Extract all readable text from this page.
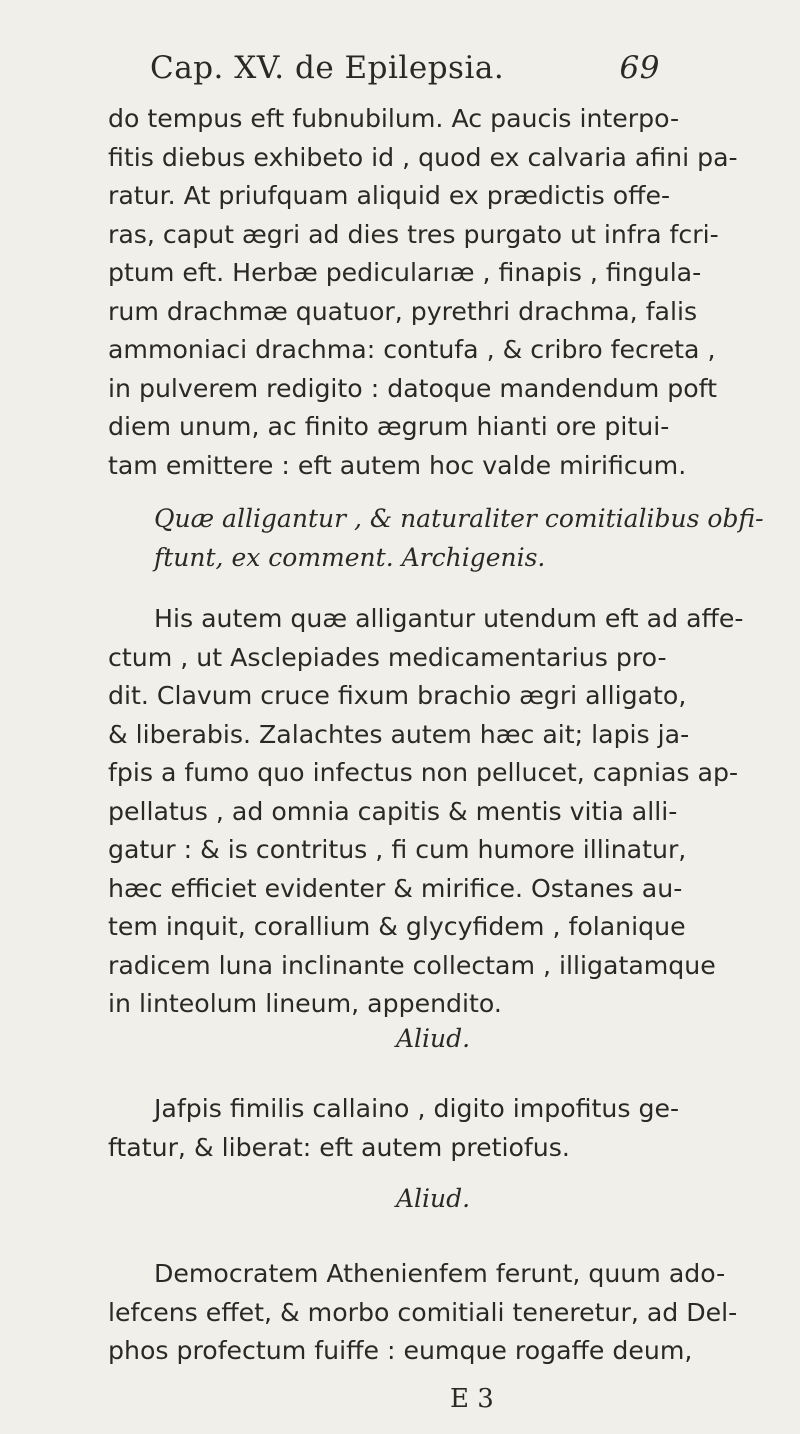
Cap. XV. de Epilepsia.	69
do tempus eft fubnubilum. Ac paucis interpo-
fitis diebus exhibeto id , quod ex calvaria afini pa-
ratur. At priufquam aliquid ex prædictis offe-
ras, caput ægri ad dies tres purgato ut infra fcri-
ptum eft. Herbæ pedicularıæ , finapis , fingula-
rum drachmæ quatuor, pyrethri drachma, falis
ammoniaci drachma: contufa , & cribro fecreta ,
in pulverem redigito : datoque mandendum poft
diem unum, ac finito ægrum hianti ore pitui-
tam emittere : eft autem hoc valde mirificum.
Quæ alligantur , & naturaliter comitialibus obfi-
ftunt, ex comment. Archigenis.
His autem quæ alligantur utendum eft ad affe-
ctum , ut Asclepiades medicamentarius pro-
dit. Clavum cruce fixum brachio ægri alligato,
& liberabis. Zalachtes autem hæc ait; lapis ja-
fpis a fumo quo infectus non pellucet, capnias ap-
pellatus , ad omnia capitis & mentis vitia alli-
gatur : & is contritus , fi cum humore illinatur,
hæc efficiet evidenter & mirifice. Ostanes au-
tem inquit, corallium & glycyfidem , folanique
radicem luna inclinante collectam , illigatamque
in linteolum lineum, appendito.
Aliud.
Jafpis fimilis callaino , digito impofitus ge-
ftatur, & liberat: eft autem pretiofus.
Aliud.
Democratem Athenienfem ferunt, quum ado-
lefcens effet, & morbo comitiali teneretur, ad Del-
phos profectum fuiffe : eumque rogaffe deum,
E 3
